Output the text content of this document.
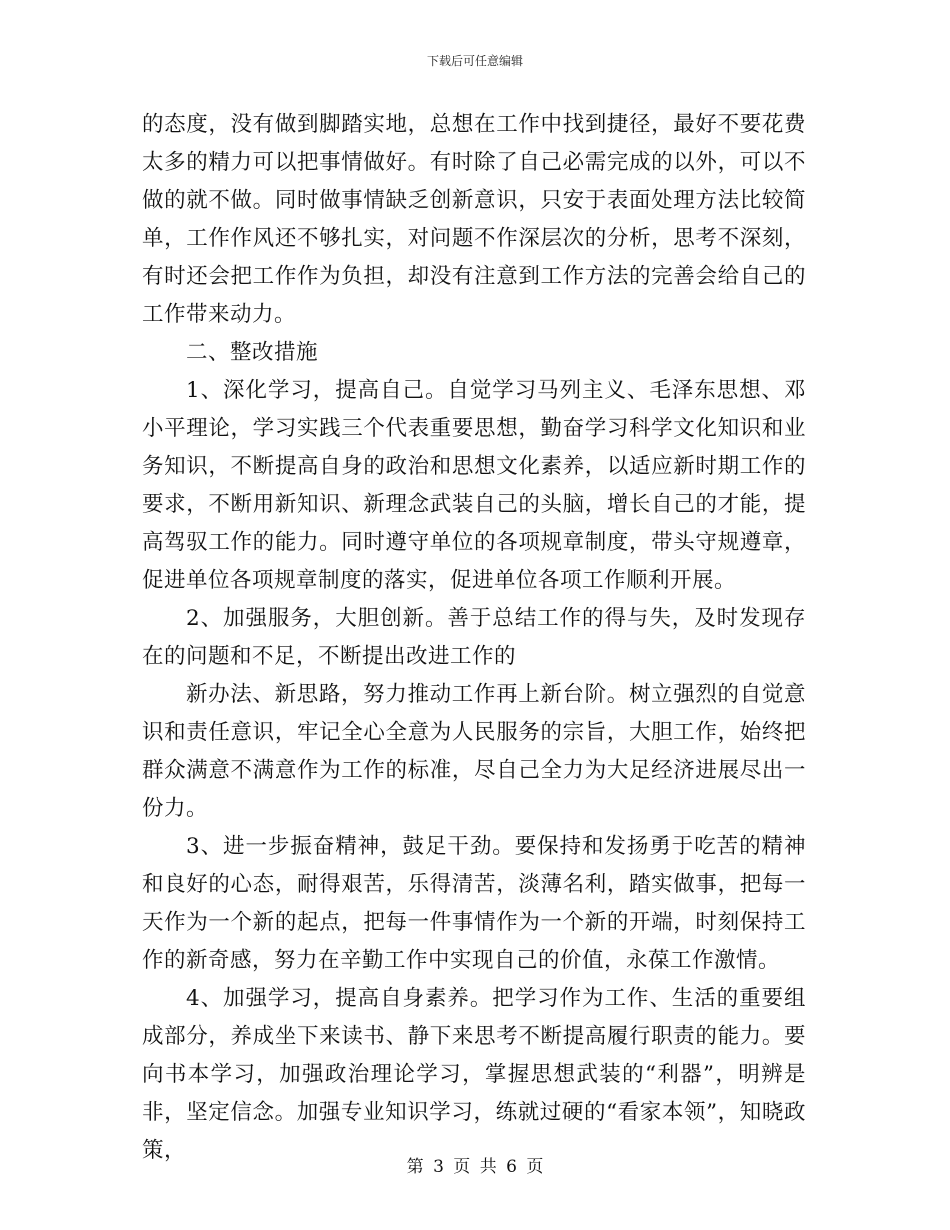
下载后可任意编辑

的态度，没有做到脚踏实地，总想在工作中找到捷径，最好不要花费太多的精力可以把事情做好。有时除了自己必需完成的以外，可以不做的就不做。同时做事情缺乏创新意识，只安于表面处理方法比较简单，工作作风还不够扎实，对问题不作深层次的分析，思考不深刻，有时还会把工作作为负担，却没有注意到工作方法的完善会给自己的工作带来动力。

二、整改措施

1、深化学习，提高自己。自觉学习马列主义、毛泽东思想、邓小平理论，学习实践三个代表重要思想，勤奋学习科学文化知识和业务知识，不断提高自身的政治和思想文化素养，以适应新时期工作的要求，不断用新知识、新理念武装自己的头脑，增长自己的才能，提高驾驭工作的能力。同时遵守单位的各项规章制度，带头守规遵章，促进单位各项规章制度的落实，促进单位各项工作顺利开展。

2、加强服务，大胆创新。善于总结工作的得与失，及时发现存在的问题和不足，不断提出改进工作的

新办法、新思路，努力推动工作再上新台阶。树立强烈的自觉意识和责任意识，牢记全心全意为人民服务的宗旨，大胆工作，始终把群众满意不满意作为工作的标准，尽自己全力为大足经济进展尽出一份力。

3、进一步振奋精神，鼓足干劲。要保持和发扬勇于吃苦的精神和良好的心态，耐得艰苦，乐得清苦，淡薄名利，踏实做事，把每一天作为一个新的起点，把每一件事情作为一个新的开端，时刻保持工作的新奇感，努力在辛勤工作中实现自己的价值，永葆工作激情。

4、加强学习，提高自身素养。把学习作为工作、生活的重要组成部分，养成坐下来读书、静下来思考不断提高履行职责的能力。要向书本学习，加强政治理论学习，掌握思想武装的“利器”，明辨是非，坚定信念。加强专业知识学习，练就过硬的“看家本领”，知晓政策，

第 3 页 共 6 页
